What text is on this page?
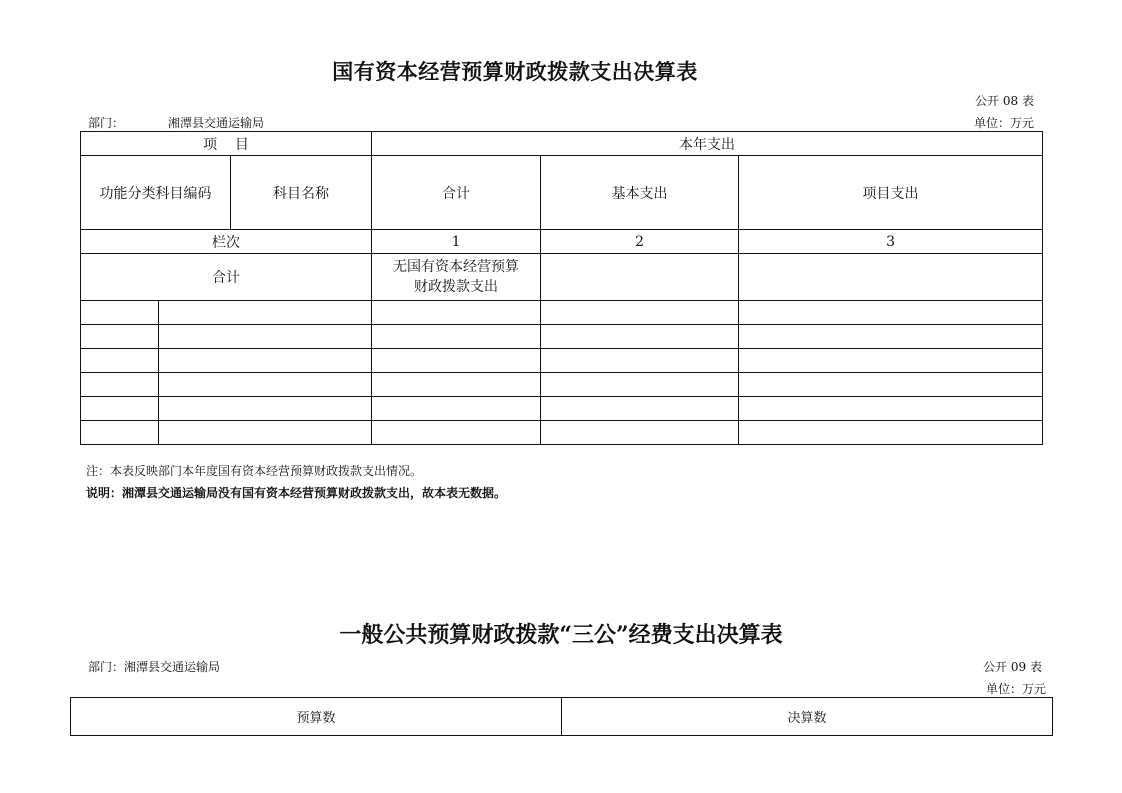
国有资本经营预算财政拨款支出决算表
公开 08 表
部门：	湘潭县交通运输局	单位：万元
项    目			本年支出		
功能分类科目编码		科目名称	合计	基本支出	项目支出
栏次			1	2	3
合计			无国有资本经营预算
财政拨款支出		

注：本表反映部门本年度国有资本经营预算财政拨款支出情况。
说明：湘潭县交通运输局没有国有资本经营预算财政拨款支出，故本表无数据。
一般公共预算财政拨款“三公”经费支出决算表
部门：湘潭县交通运输局	公开 09 表
单位：万元
预算数	决算数
